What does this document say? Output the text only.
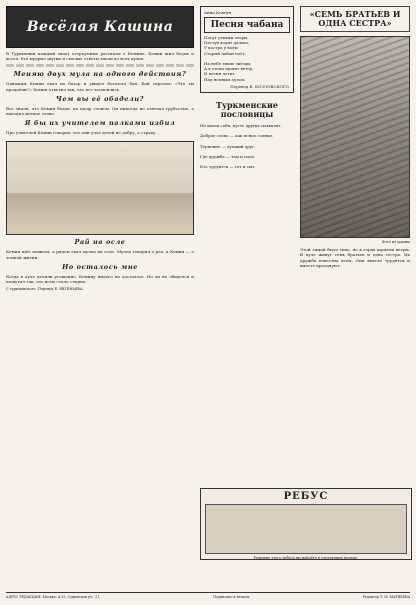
Весёлая Кашина
В Туркмении каждый знает остроумные рассказы о Кемине. Кемин жил беден и весел. Его мудрые шутки и смелые ответы знали во всех аулах.
Меняю двух мула на одного действия?
Однажды Кемин ехал на базар и увидел богатого бая. Бай спросил: «Что ты продаёшь?» Кемин ответил так, что все засмеялись.
Чем вы её обадели?
Все знали, что Кемин беден, но щедр словом. Он никогда не отвечал грубостью, а находил меткое слово.
Я бы их учителем палками избил
Про учителей Кемин говорил, что они учат детей не добру, а страху.
Рай на осле
Кемин шёл пешком, а рядом ехал мулла на осле. Мулла говорил о рае, а Кемин — о земной жизни.
Но осталось мне
Когда в ауле делили угощение, Кемину ничего не досталось. Но он не обиделся и пошутил так, что всем стало стыдно.
С туркменского. Перевод Е. ЕВГЕНЬЕВА.
Анна Ковтун
Песня чабана
Пасут утками отары,
Пастух ходит далеко,
У костра у воды
Старый чабан поёт.

На небе тихие звёзды,
А в степи шумит ветер,
И песня летит
Над ночным аулом.
Перевод В. КОЗЛОВСКОГО.
Туркменские пословицы
Не хвали себя, пусть другие похвалят.

Доброе слово — как ясное солнце.

Терпение — лучший друг.

Где дружба — там и сила.

Кто трудится — тот и сыт.
«СЕМЬ БРАТЬЕВ И ОДНА СЕСТРА»
Фото из архива
Этой зимой было тихо, но в горах шумели ветры. В ауле живут семь братьев и одна сестра. Их дружба известна всем. Они вместе трудятся и вместе празднуют.
РЕБУС
Решение этого ребуса вы найдёте в следующем номере.
АДРЕС РЕДАКЦИИ: Москва, А-15, Сущевская ул., 21.	Подписано к печати.	Редактор Т. М. МАТВЕЕВА
